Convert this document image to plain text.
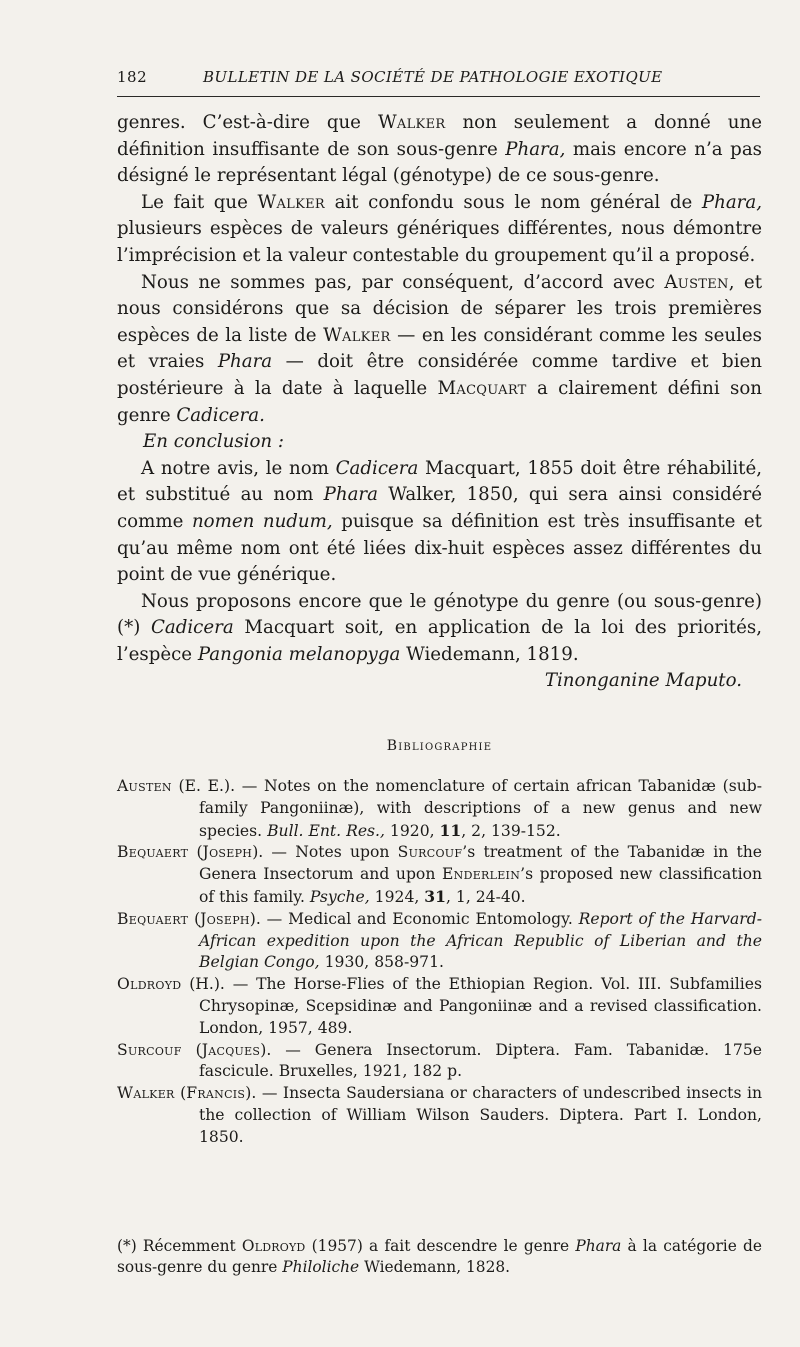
182	BULLETIN DE LA SOCIÉTÉ DE PATHOLOGIE EXOTIQUE

genres. C’est-à-dire que Walker non seulement a donné une définition insuffisante de son sous-genre Phara, mais encore n’a pas désigné le représentant légal (génotype) de ce sous-genre.

Le fait que Walker ait confondu sous le nom général de Phara, plusieurs espèces de valeurs génériques différentes, nous démontre l’imprécision et la valeur contestable du groupement qu’il a proposé.

Nous ne sommes pas, par conséquent, d’accord avec Austen, et nous considérons que sa décision de séparer les trois premières espèces de la liste de Walker — en les considérant comme les seules et vraies Phara — doit être considérée comme tardive et bien postérieure à la date à laquelle Macquart a clairement défini son genre Cadicera.

En conclusion :

A notre avis, le nom Cadicera Macquart, 1855 doit être réhabilité, et substitué au nom Phara Walker, 1850, qui sera ainsi considéré comme nomen nudum, puisque sa définition est très insuffisante et qu’au même nom ont été liées dix-huit espèces assez différentes du point de vue générique.

Nous proposons encore que le génotype du genre (ou sous-genre) (*) Cadicera Macquart soit, en application de la loi des priorités, l’espèce Pangonia melanopyga Wiedemann, 1819.

Tinonganine Maputo.

Bibliographie

Austen (E. E.). — Notes on the nomenclature of certain african Tabanidæ (sub-family Pangoniinæ), with descriptions of a new genus and new species. Bull. Ent. Res., 1920, 11, 2, 139-152.

Bequaert (Joseph). — Notes upon Surcouf’s treatment of the Tabanidæ in the Genera Insectorum and upon Enderlein’s proposed new classification of this family. Psyche, 1924, 31, 1, 24-40.

Bequaert (Joseph). — Medical and Economic Entomology. Report of the Harvard-African expedition upon the African Republic of Liberian and the Belgian Congo, 1930, 858-971.

Oldroyd (H.). — The Horse-Flies of the Ethiopian Region. Vol. III. Subfamilies Chrysopinæ, Scepsidinæ and Pangoniinæ and a revised classification. London, 1957, 489.

Surcouf (Jacques). — Genera Insectorum. Diptera. Fam. Tabanidæ. 175e fascicule. Bruxelles, 1921, 182 p.

Walker (Francis). — Insecta Saudersiana or characters of undescribed insects in the collection of William Wilson Sauders. Diptera. Part I. London, 1850.

(*) Récemment Oldroyd (1957) a fait descendre le genre Phara à la catégorie de sous-genre du genre Philoliche Wiedemann, 1828.
